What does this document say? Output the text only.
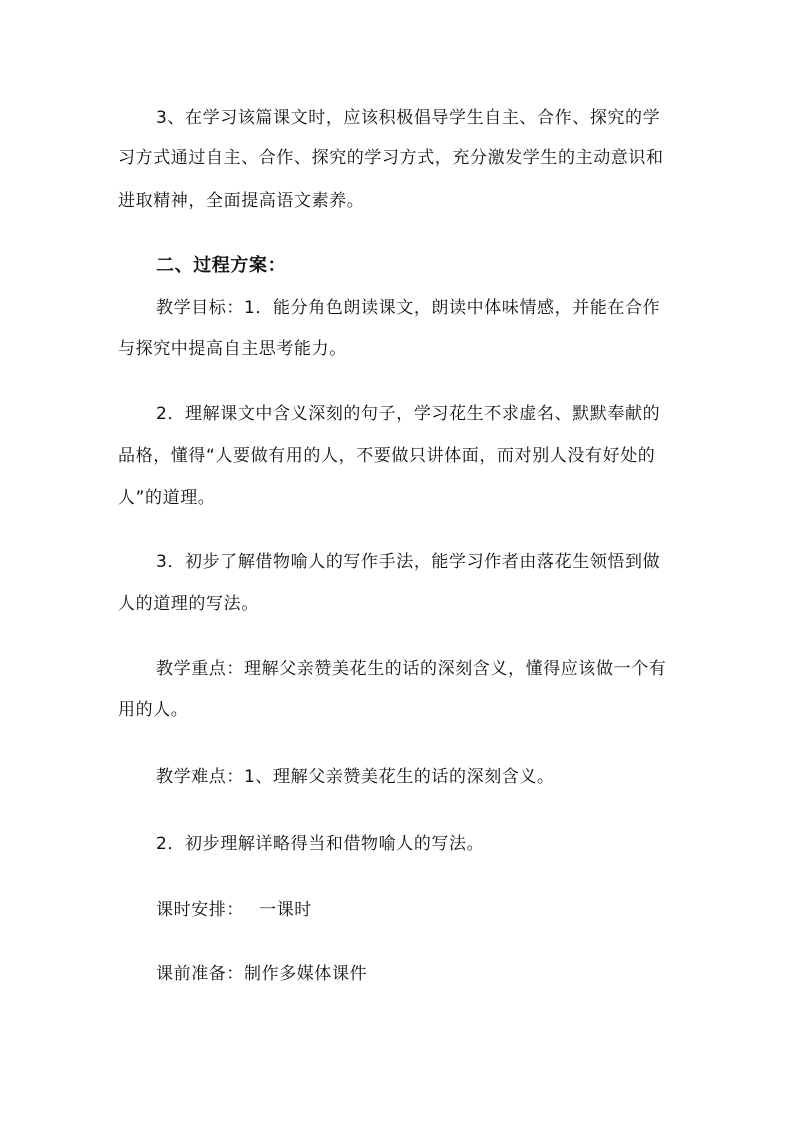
3、在学习该篇课文时，应该积极倡导学生自主、合作、探究的学
习方式通过自主、合作、探究的学习方式，充分激发学生的主动意识和
进取精神，全面提高语文素养。
二、过程方案：
教学目标：1．能分角色朗读课文，朗读中体味情感，并能在合作
与探究中提高自主思考能力。
2．理解课文中含义深刻的句子，学习花生不求虚名、默默奉献的
品格，懂得“人要做有用的人，不要做只讲体面，而对别人没有好处的
人”的道理。
3．初步了解借物喻人的写作手法，能学习作者由落花生领悟到做
人的道理的写法。
教学重点：理解父亲赞美花生的话的深刻含义，懂得应该做一个有
用的人。
教学难点：1、理解父亲赞美花生的话的深刻含义。
2．初步理解详略得当和借物喻人的写法。
课时安排：　 一课时
课前准备：制作多媒体课件
